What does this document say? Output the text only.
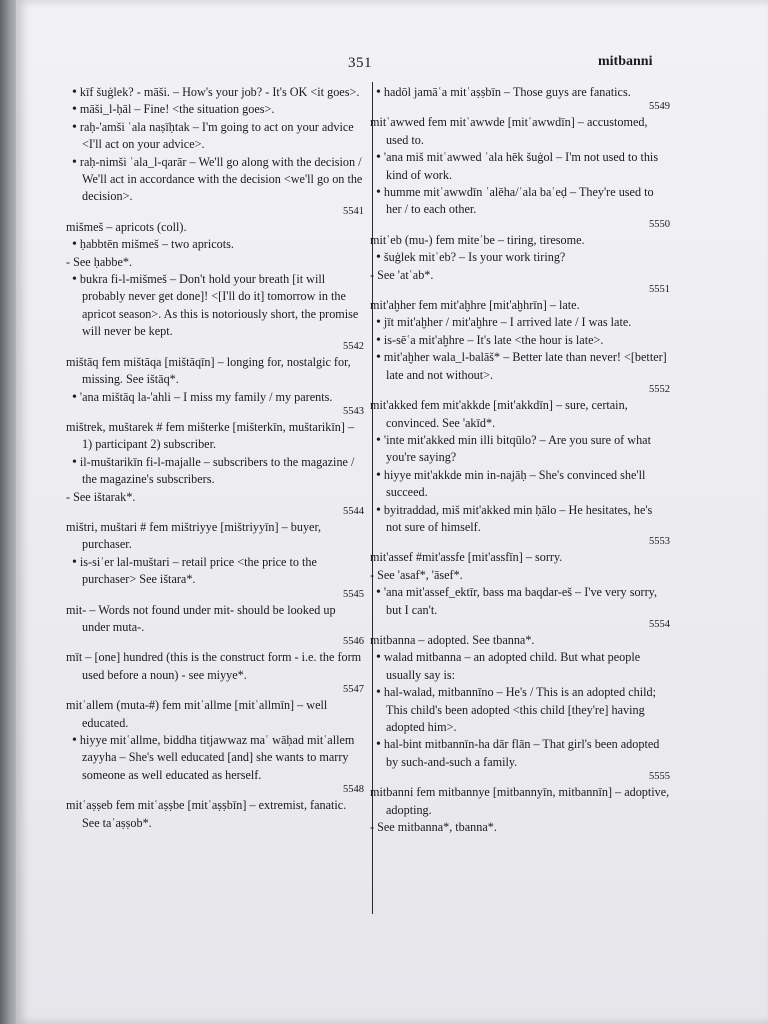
351	mitbanni
• kīf šuġlek? - māši. – How's your job? - It's OK <it goes>.
• māši_l-ḥāl – Fine! <the situation goes>.
• raḥ-'amši ʿala naṣīḥtak – I'm going to act on your advice <I'll act on your advice>.
• raḥ-nimši ʿala_l-qarār – We'll go along with the decision / We'll act in accordance with the decision <we'll go on the decision>.
5541
mišmeš – apricots (coll).
• ḥabbtēn mišmeš – two apricots.
- See ḥabbe*.
• bukra fi-l-mišmeš – Don't hold your breath [it will probably never get done]! <[I'll do it] tomorrow in the apricot season>. As this is notoriously short, the promise will never be kept.
5542
mištāq fem mištāqa [mištāqīn] – longing for, nostalgic for, missing. See ištāq*.
• 'ana mištāq la-'ahli – I miss my family / my parents.
5543
mištrek, muštarek # fem mišterke [mišterkīn, muštarikīn] – 1) participant 2) subscriber.
• il-muštarikīn fi-l-majalle – subscribers to the magazine / the magazine's subscribers.
- See ištarak*.
5544
mištri, muštari # fem mištriyye [mištriyyīn] – buyer, purchaser.
• is-siʿer lal-muštari – retail price <the price to the purchaser> See ištara*.
5545
mit- – Words not found under mit- should be looked up under muta-.
5546
mīt – [one] hundred (this is the construct form - i.e. the form used before a noun) - see miyye*.
5547
mitʿallem (muta-#) fem mitʿallme [mitʿallmīn] – well educated.
• hiyye mitʿallme, biddha titjawwaz maʿ wāḥad mitʿallem zayyha – She's well educated [and] she wants to marry someone as well educated as herself.
5548
mitʿaṣṣeb fem mitʿaṣṣbe [mitʿaṣṣbīn] – extremist, fanatic. See taʿaṣṣob*.
• hadōl jamāʿa mitʿaṣṣbīn – Those guys are fanatics.
5549
mitʿawwed fem mitʿawwde [mitʿawwdīn] – accustomed, used to.
• 'ana miš mitʿawwed ʿala hēk šuġol – I'm not used to this kind of work.
• humme mitʿawwdīn ʿalēha/ʿala baʿeḍ – They're used to her / to each other.
5550
mitʿeb (mu-) fem miteʿbe – tiring, tiresome.
• šuġlek mitʿeb? – Is your work tiring?
- See 'atʿab*.
5551
mit'aḫher fem mit'aḫhre [mit'aḫhrīn] – late.
• jīt mit'aḫher / mit'aḫhre – I arrived late / I was late.
• is-sēʿa mit'aḫhre – It's late <the hour is late>.
• mit'aḫher wala_l-balāš* – Better late than never! <[better] late and not without>.
5552
mit'akked fem mit'akkde [mit'akkdīn] – sure, certain, convinced. See 'akīd*.
• 'inte mit'akked min illi bitqūlo? – Are you sure of what you're saying?
• hiyye mit'akkde min in-najāḥ – She's convinced she'll succeed.
• byitraddad, miš mit'akked min ḥālo – He hesitates, he's not sure of himself.
5553
mit'assef #mit'assfe [mit'assfīn] – sorry.
- See 'asaf*, 'āsef*.
• 'ana mit'assef_ektīr, bass ma baqdar-eš – I've very sorry, but I can't.
5554
mitbanna – adopted. See tbanna*.
• walad mitbanna – an adopted child. But what people usually say is:
• hal-walad, mitbannīno – He's / This is an adopted child; This child's been adopted <this child [they're] having adopted him>.
• hal-bint mitbannīn-ha dār flān – That girl's been adopted by such-and-such a family.
5555
mitbanni fem mitbannye [mitbannyīn, mitbannīn] – adoptive, adopting.
- See mitbanna*, tbanna*.
